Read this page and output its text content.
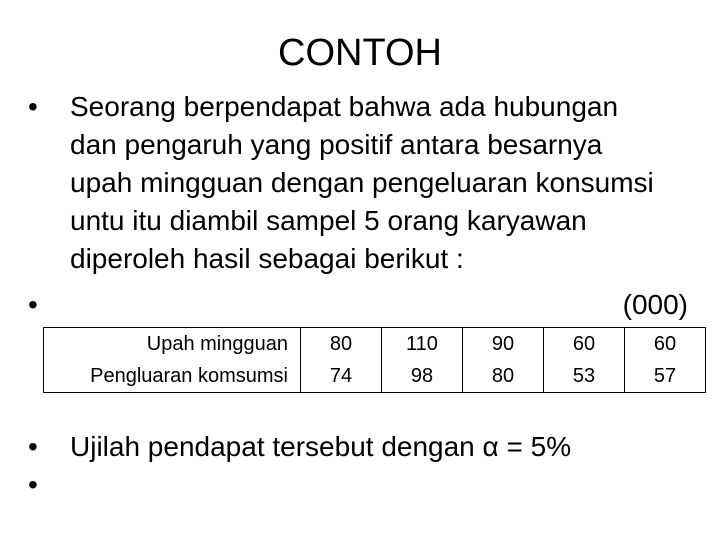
CONTOH
•	Seorang berpendapat bahwa ada hubungan
dan pengaruh yang positif antara besarnya
upah mingguan dengan pengeluaran konsumsi
untu itu diambil sampel 5 orang karyawan
diperoleh hasil sebagai berikut :
•	(000)
Upah mingguan	80	110	90	60	60
Pengluaran komsumsi	74	98	80	53	57
•	Ujilah pendapat tersebut dengan α = 5%
•
